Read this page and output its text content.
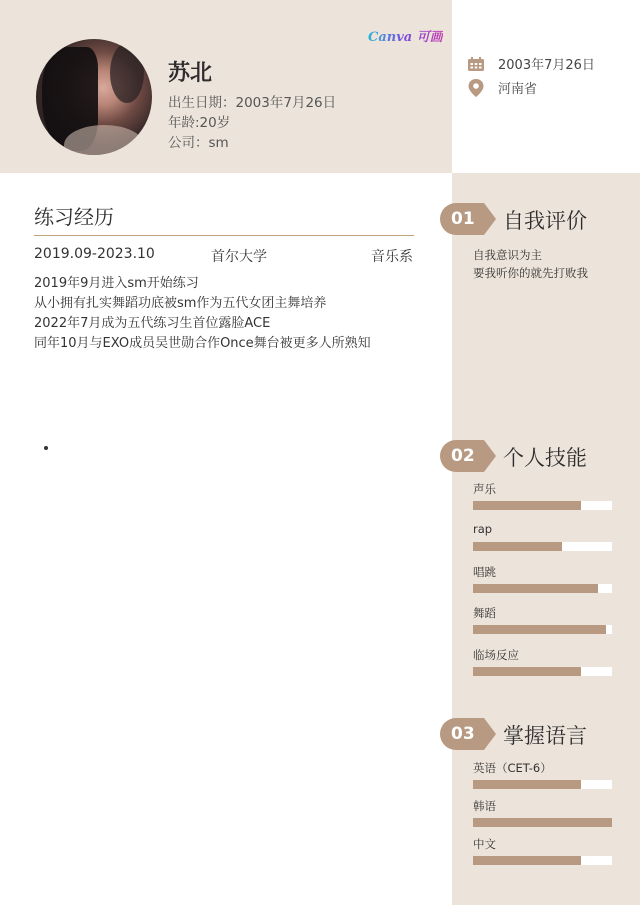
Canva 可画
苏北
出生日期：2003年7月26日
年龄:20岁
公司：sm
2003年7月26日
河南省
练习经历
2019.09-2023.10	首尔大学	音乐系
2019年9月进入sm开始练习
从小拥有扎实舞蹈功底被sm作为五代女团主舞培养
2022年7月成为五代练习生首位露脸ACE
同年10月与EXO成员吴世勋合作Once舞台被更多人所熟知
01 自我评价
自我意识为主
要我听你的就先打败我
02 个人技能
声乐
rap
唱跳
舞蹈
临场反应
03 掌握语言
英语（CET-6）
韩语
中文
